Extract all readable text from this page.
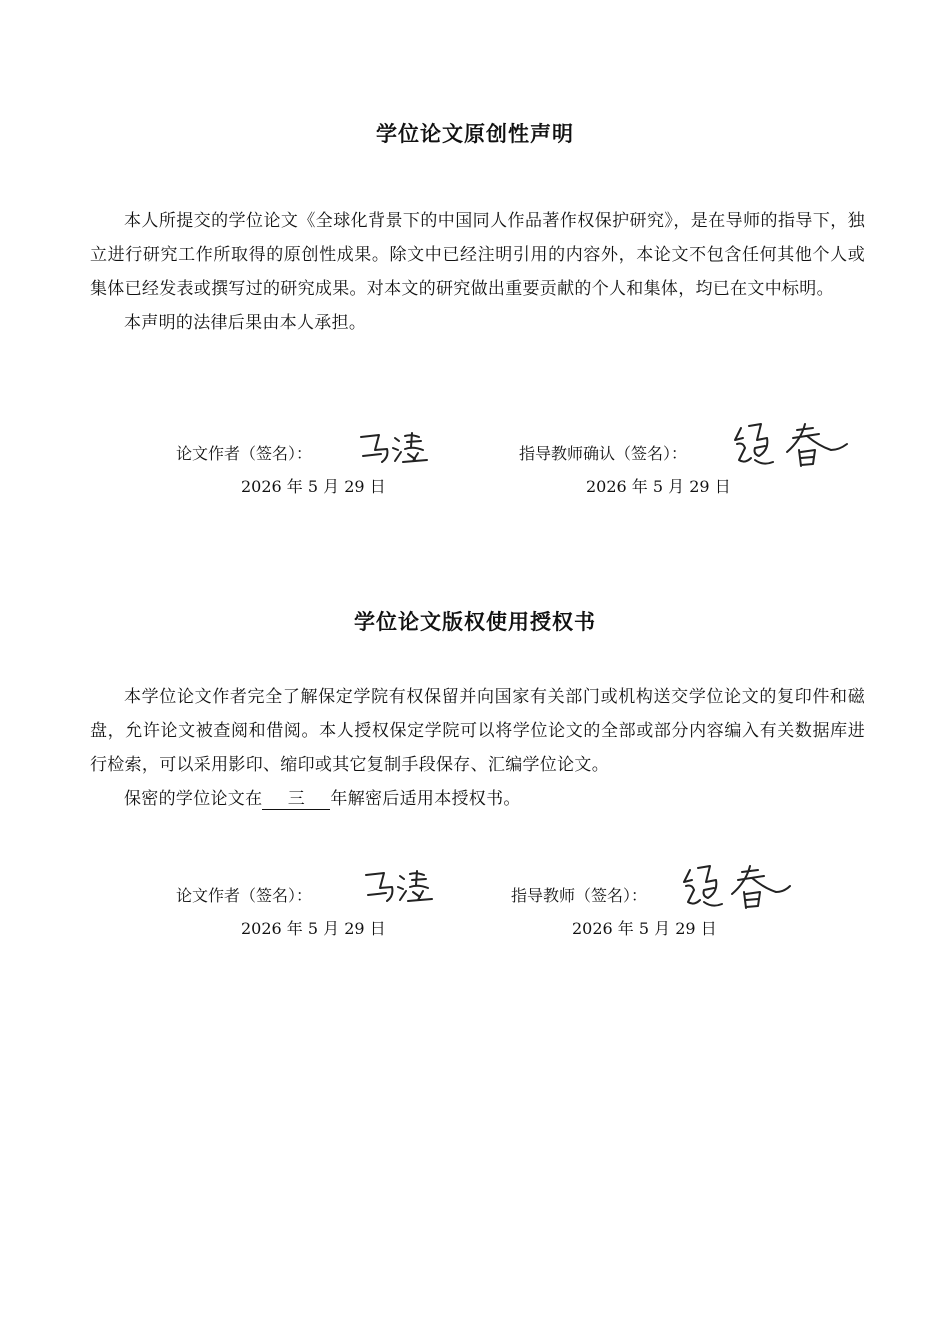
学位论文原创性声明

本人所提交的学位论文《全球化背景下的中国同人作品著作权保护研究》，是在导师的指导下，独立进行研究工作所取得的原创性成果。除文中已经注明引用的内容外，本论文不包含任何其他个人或集体已经发表或撰写过的研究成果。对本文的研究做出重要贡献的个人和集体，均已在文中标明。

本声明的法律后果由本人承担。

论文作者（签名）：
2026 年 5 月 29 日
指导教师确认（签名）：
2026 年 5 月 29 日
学位论文版权使用授权书

本学位论文作者完全了解保定学院有权保留并向国家有关部门或机构送交学位论文的复印件和磁盘，允许论文被查阅和借阅。本人授权保定学院可以将学位论文的全部或部分内容编入有关数据库进行检索，可以采用影印、缩印或其它复制手段保存、汇编学位论文。

保密的学位论文在 三 年解密后适用本授权书。

论文作者（签名）：
2026 年 5 月 29 日
指导教师（签名）：
2026 年 5 月 29 日
